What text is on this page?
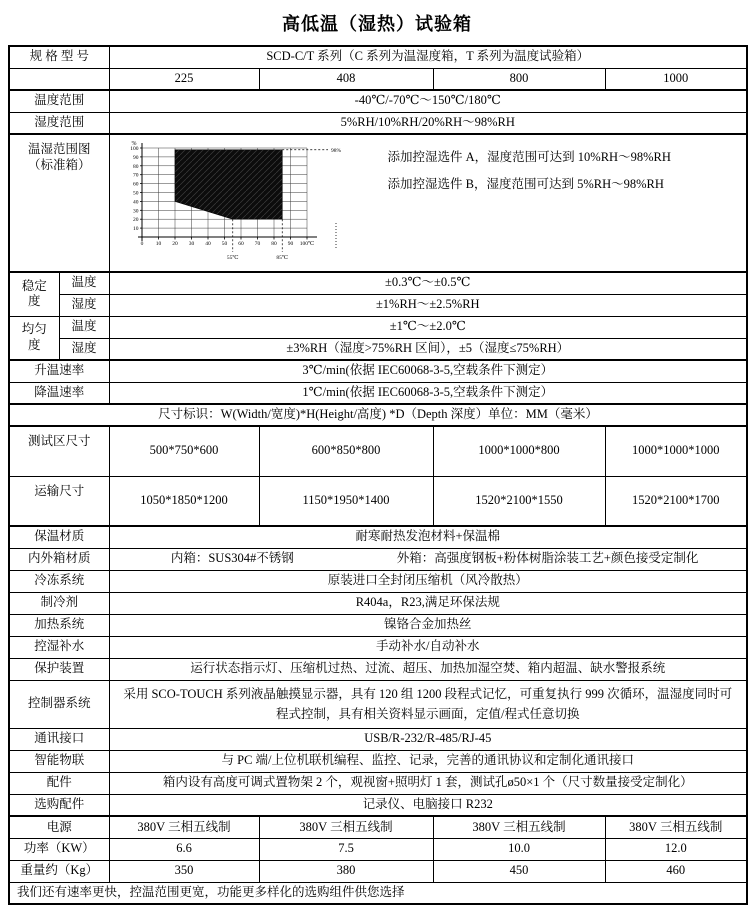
高低温（湿热）试验箱
规 格 型 号		SCD-C/T 系列（C 系列为温湿度箱，T 系列为温度试验箱）			
		225	408	800	1000
温度范围		-40℃/-70℃～150℃/180℃			
湿度范围		5%RH/10%RH/20%RH～98%RH			

温湿范围图
（标准箱）

10
20
30
40
50
60
70
80
90
100
0 10 20 30 40 50 60 70 80 90 100℃
%
98%
55℃	85℃
添加控湿选件 A，湿度范围可达到 10%RH～98%RH
添加控湿选件 B，湿度范围可达到 5%RH～98%RH

稳定
度	温度	±0.3℃～±0.5℃			
	湿度	±1%RH～±2.5%RH			

均匀
度	温度	±1℃～±2.0℃			
	湿度	±3%RH（湿度>75%RH 区间），±5（湿度≤75%RH）			
升温速率		3℃/min(依据 IEC60068-3-5,空载条件下测定）			
降温速率		1℃/min(依据 IEC60068-3-5,空载条件下测定）			
尺寸标识：W(Width/宽度)*H(Height/高度) *D（Depth 深度）单位：MM（毫米）					
测试区尺寸		500*750*600	600*850*800	1000*1000*800	1000*1000*1000
运输尺寸		1050*1850*1200	1150*1950*1400	1520*2100*1550	1520*2100*1700
保温材质		耐寒耐热发泡材料+保温棉			
内外箱材质		内箱：SUS304#不锈钢 外箱：高强度钢板+粉体树脂涂装工艺+颜色接受定制化			

冷冻系统		原装进口全封闭压缩机（风冷散热）			
制冷剂		R404a，R23,满足环保法规			
加热系统		镍铬合金加热丝			
控湿补水		手动补水/自动补水			
保护装置		运行状态指示灯、压缩机过热、过流、超压、加热加湿空焚、箱内超温、缺水警报系统			
控制器系统		采用 SCO-TOUCH 系列液晶触摸显示器，具有 120 组 1200 段程式记忆，可重复执行 999 次循环，温湿度同时可程式控制，具有相关资料显示画面，定值/程式任意切换			

通讯接口		USB/R-232/R-485/RJ-45			
智能物联		与 PC 端/上位机联机编程、监控、记录，完善的通讯协议和定制化通讯接口			
配件		箱内设有高度可调式置物架 2 个，观视窗+照明灯 1 套，测试孔ø50×1 个（尺寸数量接受定制化）			
选购配件		记录仪、电脑接口 R232			
电源		380V 三相五线制	380V 三相五线制	380V 三相五线制	380V 三相五线制
功率（KW）		6.6	7.5	10.0	12.0
重量约（Kg）		350	380	450	460
我们还有速率更快，控温范围更宽，功能更多样化的选购组件供您选择					
